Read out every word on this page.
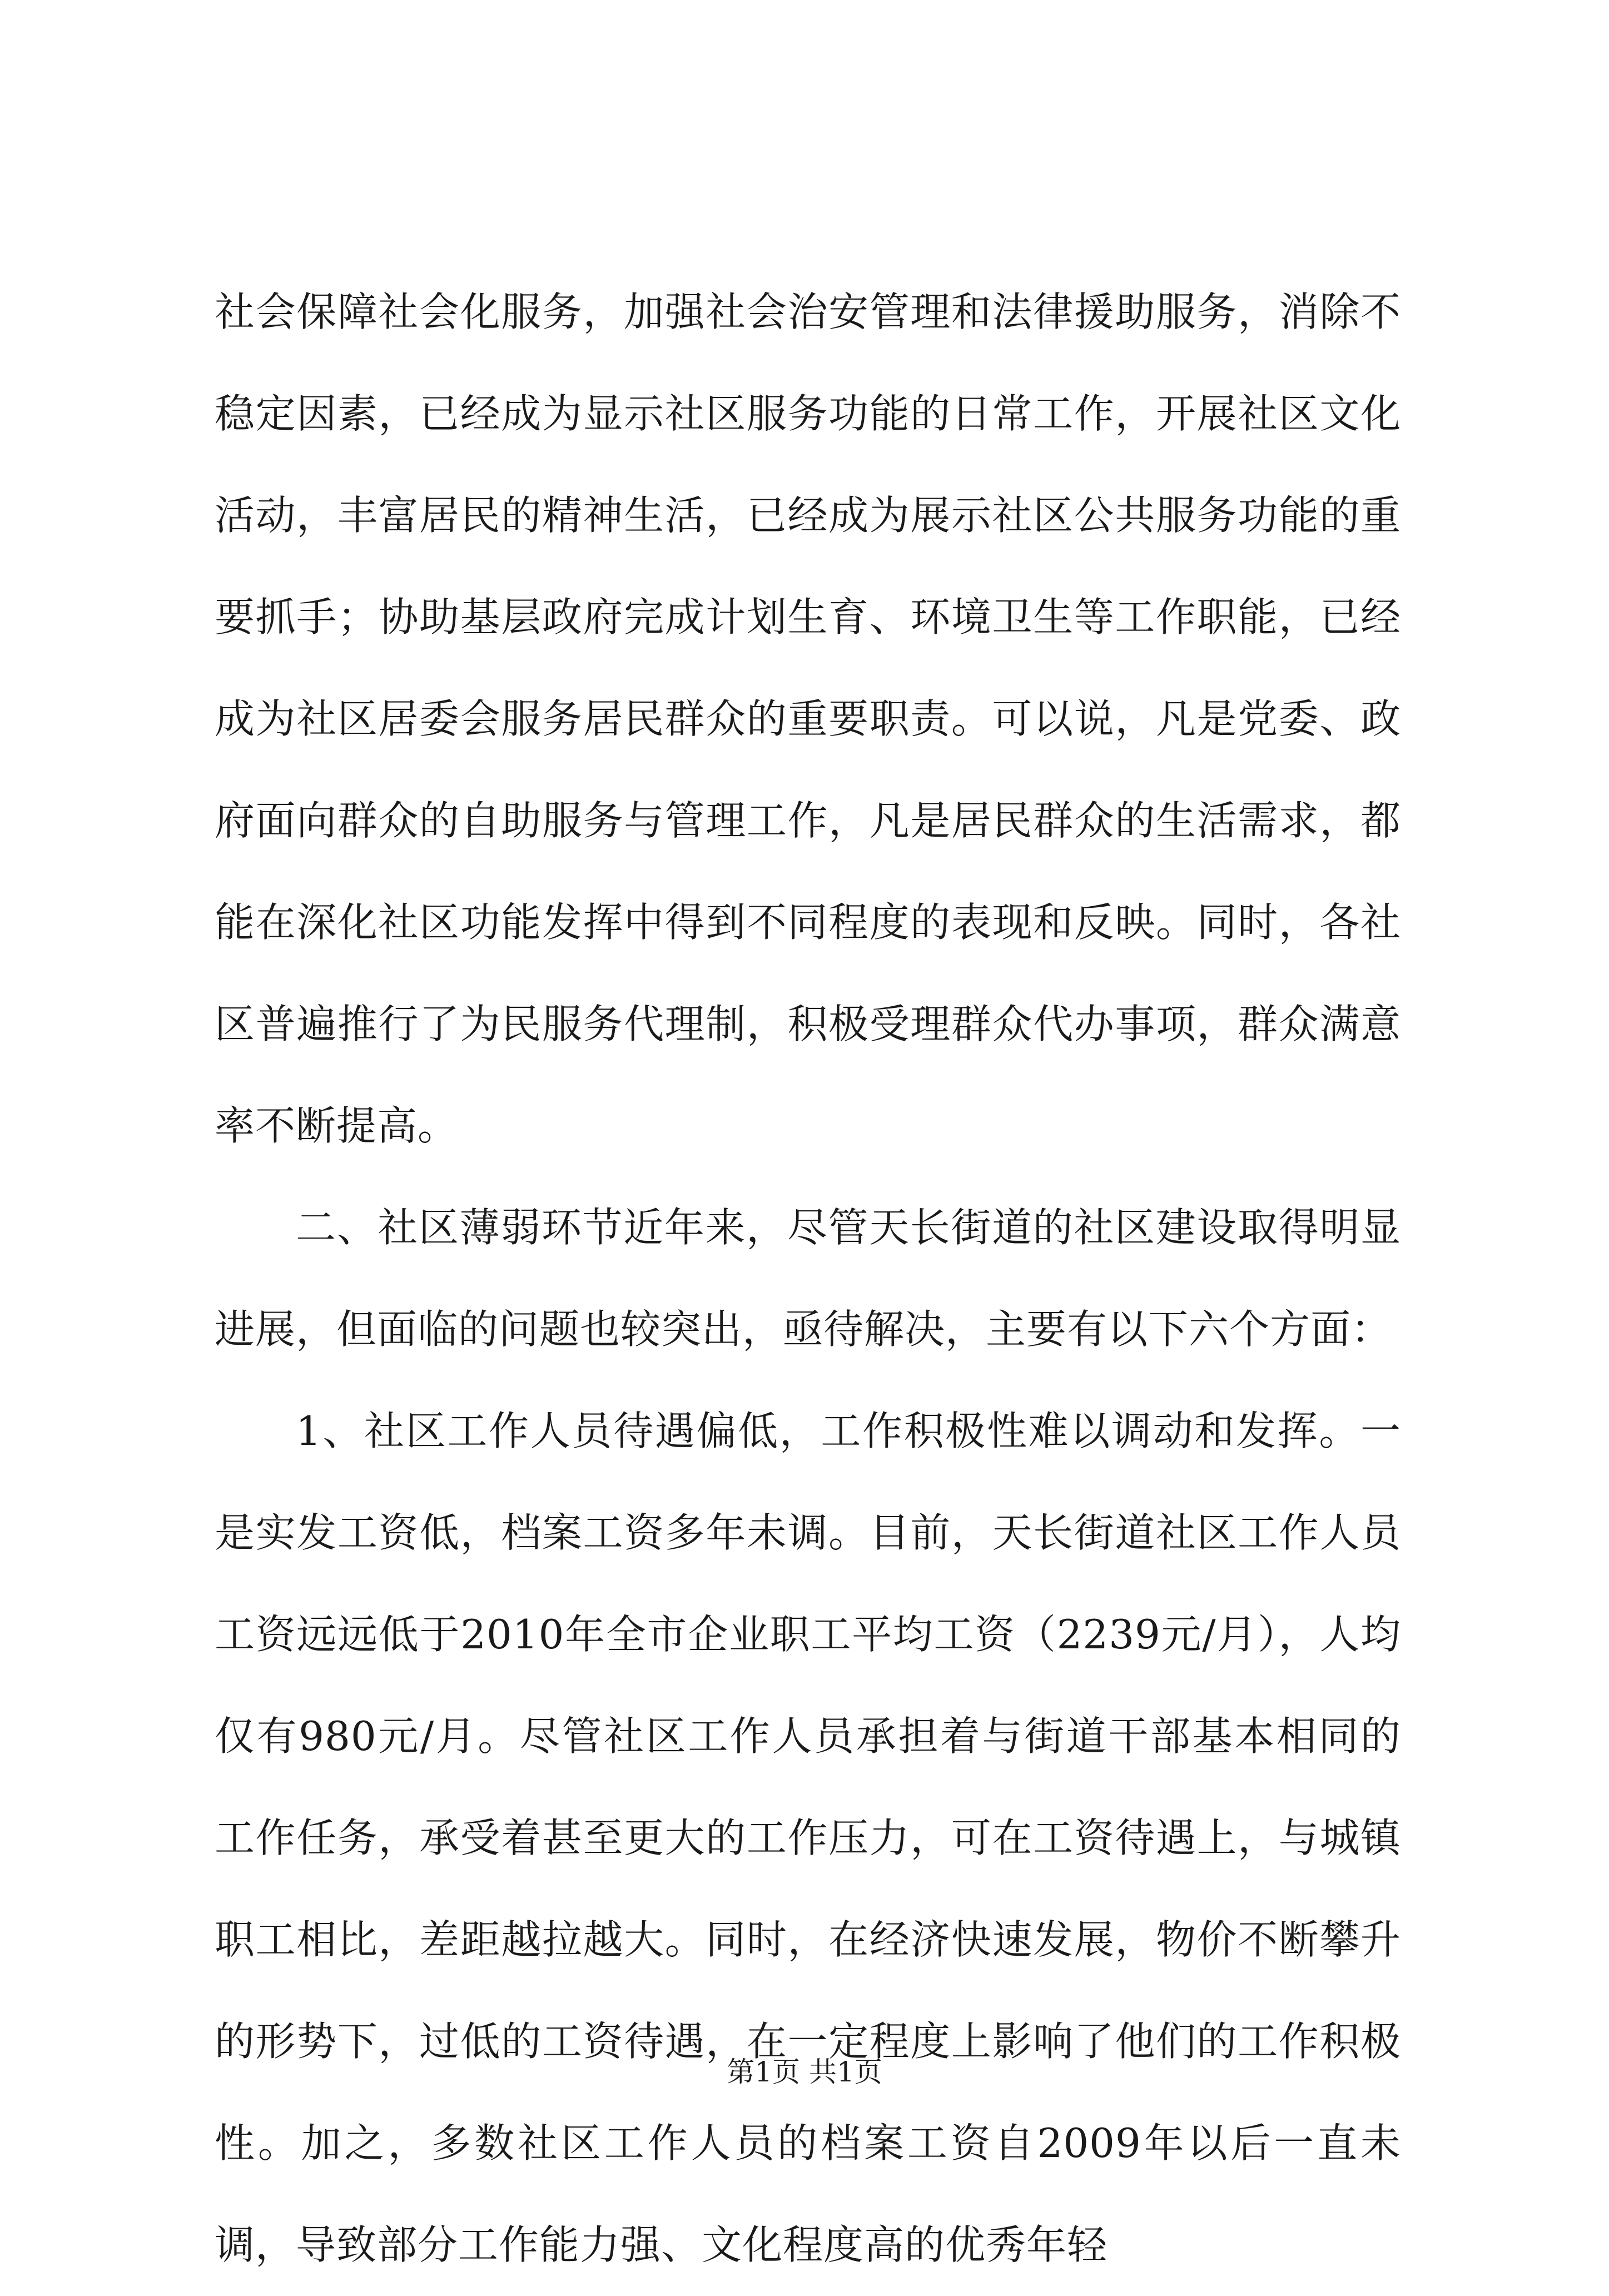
社会保障社会化服务，加强社会治安管理和法律援助服务，消除不稳定因素，已经成为显示社区服务功能的日常工作，开展社区文化活动，丰富居民的精神生活，已经成为展示社区公共服务功能的重要抓手；协助基层政府完成计划生育、环境卫生等工作职能，已经成为社区居委会服务居民群众的重要职责。可以说，凡是党委、政府面向群众的自助服务与管理工作，凡是居民群众的生活需求，都能在深化社区功能发挥中得到不同程度的表现和反映。同时，各社区普遍推行了为民服务代理制，积极受理群众代办事项，群众满意率不断提高。

二、社区薄弱环节近年来，尽管天长街道的社区建设取得明显进展，但面临的问题也较突出，亟待解决，主要有以下六个方面：

1、社区工作人员待遇偏低，工作积极性难以调动和发挥。一是实发工资低，档案工资多年未调。目前，天长街道社区工作人员工资远远低于2010年全市企业职工平均工资（2239元/月），人均仅有980元/月。尽管社区工作人员承担着与街道干部基本相同的工作任务，承受着甚至更大的工作压力，可在工资待遇上，与城镇职工相比，差距越拉越大。同时，在经济快速发展，物价不断攀升的形势下，过低的工资待遇，在一定程度上影响了他们的工作积极性。加之，多数社区工作人员的档案工资自2009年以后一直未调，导致部分工作能力强、文化程度高的优秀年轻

第1页 共1页
